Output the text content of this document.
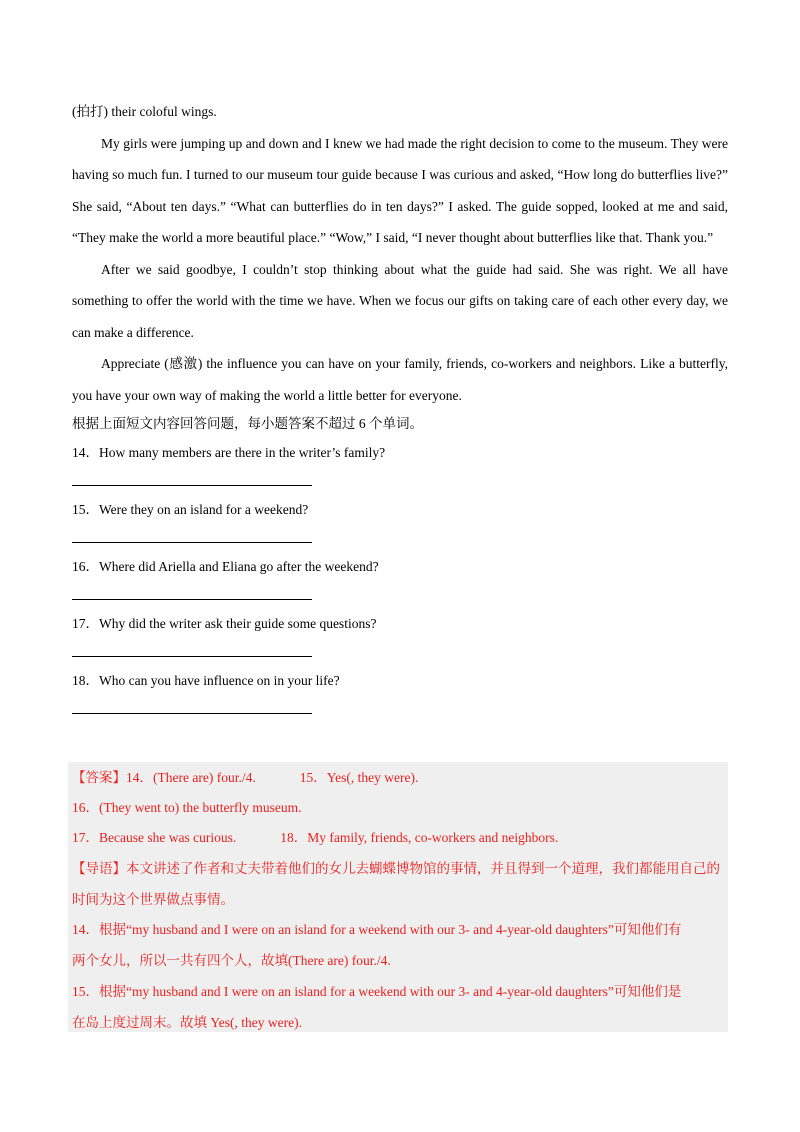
(拍打) their coloful wings.

My girls were jumping up and down and I knew we had made the right decision to come to the museum. They were having so much fun. I turned to our museum tour guide because I was curious and asked, “How long do butterflies live?” She said, “About ten days.” “What can butterflies do in ten days?” I asked. The guide sopped, looked at me and said, “They make the world a more beautiful place.” “Wow,” I said, “I never thought about butterflies like that. Thank you.”

After we said goodbye, I couldn’t stop thinking about what the guide had said. She was right. We all have something to offer the world with the time we have. When we focus our gifts on taking care of each other every day, we can make a difference.

Appreciate (感激) the influence you can have on your family, friends, co-workers and neighbors. Like a butterfly, you have your own way of making the world a little better for everyone.

根据上面短文内容回答问题，每小题答案不超过 6 个单词。

14．How many members are there in the writer’s family?

15．Were they on an island for a weekend?

16．Where did Ariella and Eliana go after the weekend?

17．Why did the writer ask their guide some questions?

18．Who can you have influence on in your life?

【答案】14．(There are) four./4.	15．Yes(, they were).

16．(They went to) the butterfly museum.

17．Because she was curious.	18．My family, friends, co-workers and neighbors.

【导语】本文讲述了作者和丈夫带着他们的女儿去蝴蝶博物馆的事情，并且得到一个道理，我们都能用自己的时间为这个世界做点事情。

14．根据“my husband and I were on an island for a weekend with our 3- and 4-year-old daughters”可知他们有

两个女儿，所以一共有四个人，故填(There are) four./4.

15．根据“my husband and I were on an island for a weekend with our 3- and 4-year-old daughters”可知他们是

在岛上度过周末。故填 Yes(, they were).
